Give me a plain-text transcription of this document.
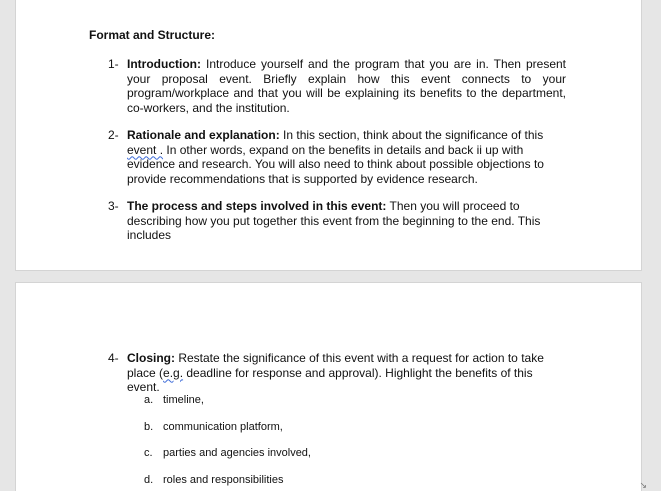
Format and Structure:
1- Introduction: Introduce yourself and the program that you are in. Then present your proposal event. Briefly explain how this event connects to your program/workplace and that you will be explaining its benefits to the department, co-workers, and the institution.
2- Rationale and explanation: In this section, think about the significance of this event . In other words, expand on the benefits in details and back ii up with evidence and research. You will also need to think about possible objections to provide recommendations that is supported by evidence research.
3- The process and steps involved in this event: Then you will proceed to describing how you put together this event from the beginning to the end. This includes
4- Closing: Restate the significance of this event with a request for action to take place (e.g. deadline for response and approval). Highlight the benefits of this event.
a. timeline,
b. communication platform,
c. parties and agencies involved,
d. roles and responsibilities	↘
